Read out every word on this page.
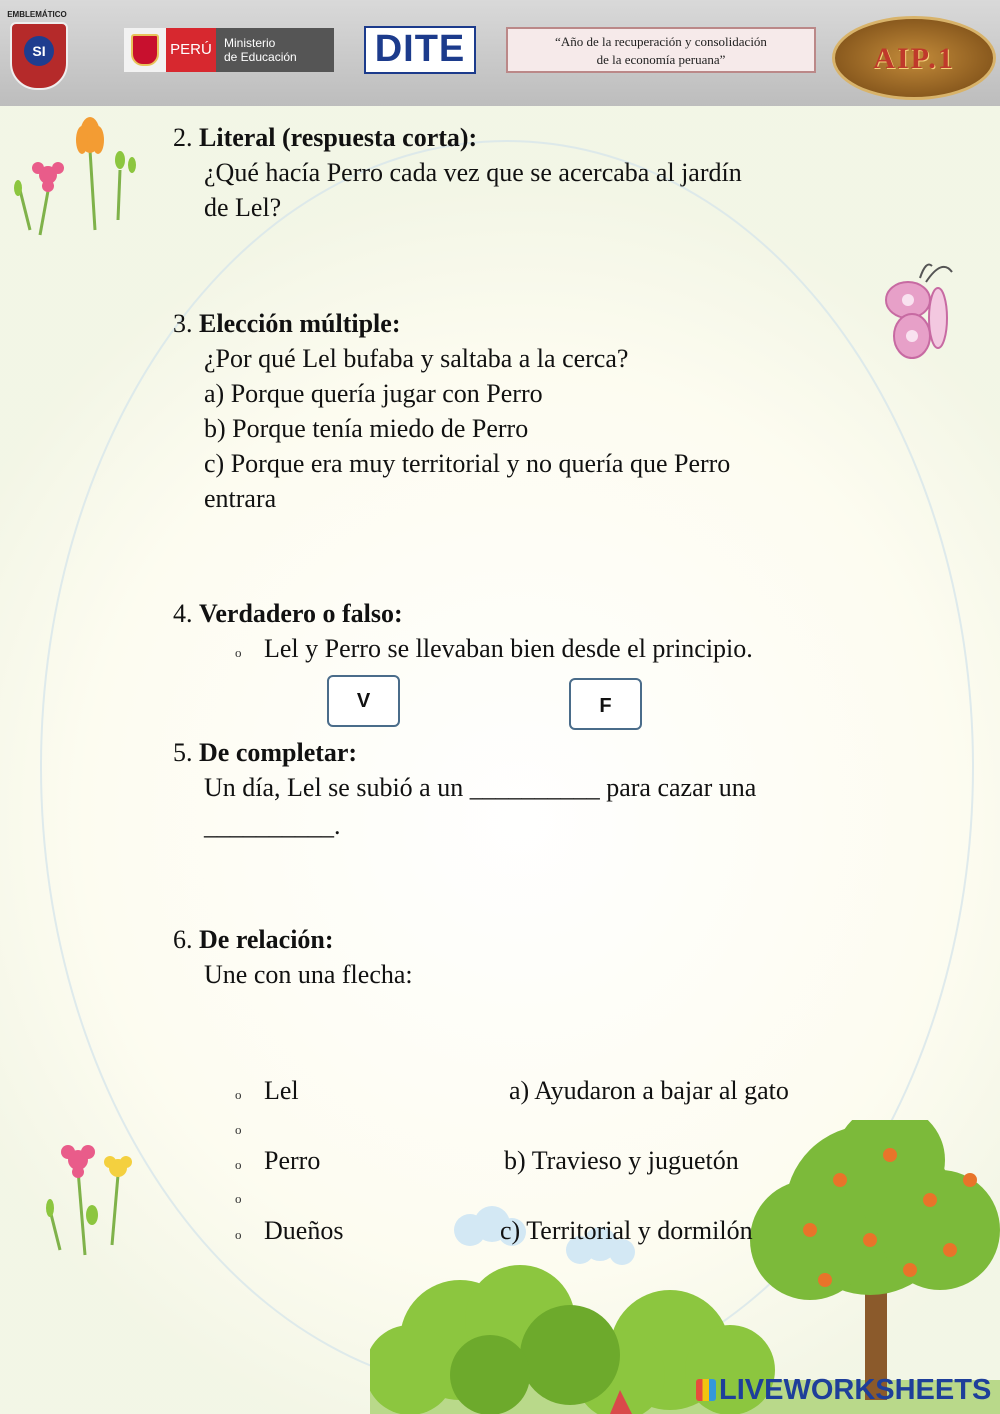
EMBLEMÁTICO
SI	PERÚ	Ministerio
de Educación	DITE	“Año de la recuperación y consolidación
de la economía peruana”	AIP.1
2. Literal (respuesta corta):
¿Qué hacía Perro cada vez que se acercaba al jardín
de Lel?
3. Elección múltiple:
¿Por qué Lel bufaba y saltaba a la cerca?
a) Porque quería jugar con Perro
b) Porque tenía miedo de Perro
c) Porque era muy territorial y no quería que Perro
entrara
4. Verdadero o falso:
o Lel y Perro se llevaban bien desde el principio.
V	F
5. De completar:
Un día, Lel se subió a un __________ para cazar una
__________.
6. De relación:
Une con una flecha:
o Lel	a) Ayudaron a bajar al gato
o
o Perro	b) Travieso y juguetón
o
o Dueños	c) Territorial y dormilón
LIVEWORKSHEETS
